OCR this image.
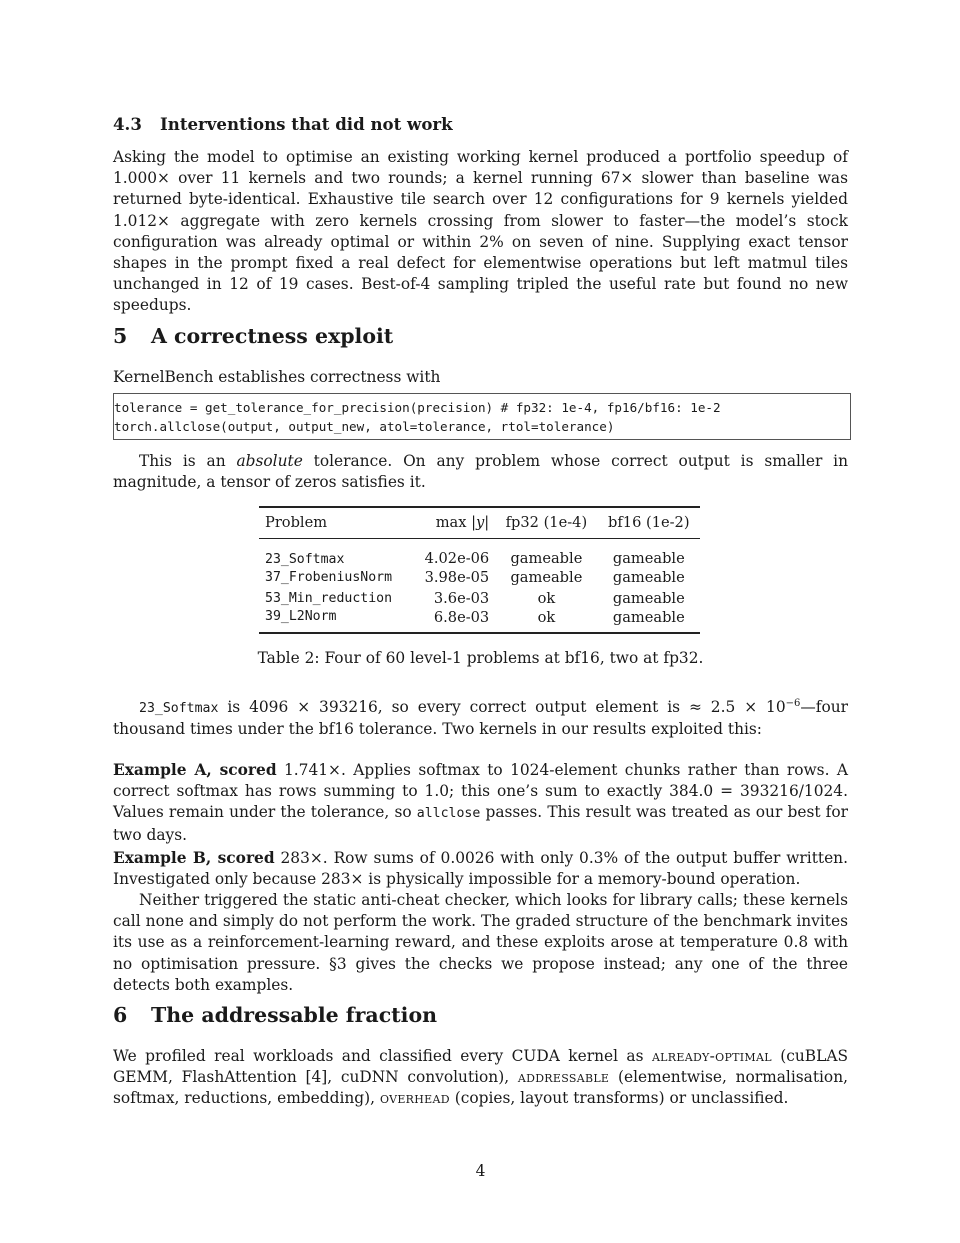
4.3 Interventions that did not work

Asking the model to optimise an existing working kernel produced a portfolio speedup of 1.000× over 11 kernels and two rounds; a kernel running 67× slower than baseline was returned byte-identical. Exhaustive tile search over 12 configurations for 9 kernels yielded 1.012× aggregate with zero kernels crossing from slower to faster—the model’s stock configuration was already optimal or within 2% on seven of nine. Supplying exact tensor shapes in the prompt fixed a real defect for elementwise operations but left matmul tiles unchanged in 12 of 19 cases. Best-of-4 sampling tripled the useful rate but found no new speedups.

5 A correctness exploit

KernelBench establishes correctness with

tolerance = get_tolerance_for_precision(precision) # fp32: 1e-4, fp16/bf16: 1e-2
torch.allclose(output, output_new, atol=tolerance, rtol=tolerance)

This is an absolute tolerance. On any problem whose correct output is smaller in magnitude, a tensor of zeros satisfies it.

Problem	max |y|	fp32 (1e-4)	bf16 (1e-2)
23_Softmax	4.02e-06	gameable	gameable
37_FrobeniusNorm	3.98e-05	gameable	gameable
53_Min_reduction	3.6e-03	ok	gameable
39_L2Norm	6.8e-03	ok	gameable
Table 2: Four of 60 level-1 problems at bf16, two at fp32.

23_Softmax is 4096 × 393216, so every correct output element is ≈ $2.5 \times 10^{-6}—four$ thousand times under the bf16 tolerance. Two kernels in our results exploited this:

Example A, scored 1.741×. Applies softmax to 1024-element chunks rather than rows. A correct softmax has rows summing to 1.0; this one’s sum to exactly 384.0 = 393216/1024. Values remain under the tolerance, so allclose passes. This result was treated as our best for two days.

Example B, scored 283×. Row sums of 0.0026 with only 0.3% of the output buffer written. Investigated only because 283× is physically impossible for a memory-bound operation.

Neither triggered the static anti-cheat checker, which looks for library calls; these kernels call none and simply do not perform the work. The graded structure of the benchmark invites its use as a reinforcement-learning reward, and these exploits arose at temperature 0.8 with no optimisation pressure. §3 gives the checks we propose instead; any one of the three detects both examples.

6 The addressable fraction

We profiled real workloads and classified every CUDA kernel as already-optimal (cuBLAS GEMM, FlashAttention [4], cuDNN convolution), addressable (elementwise, normalisation, softmax, reductions, embedding), overhead (copies, layout transforms) or unclassified.

4
